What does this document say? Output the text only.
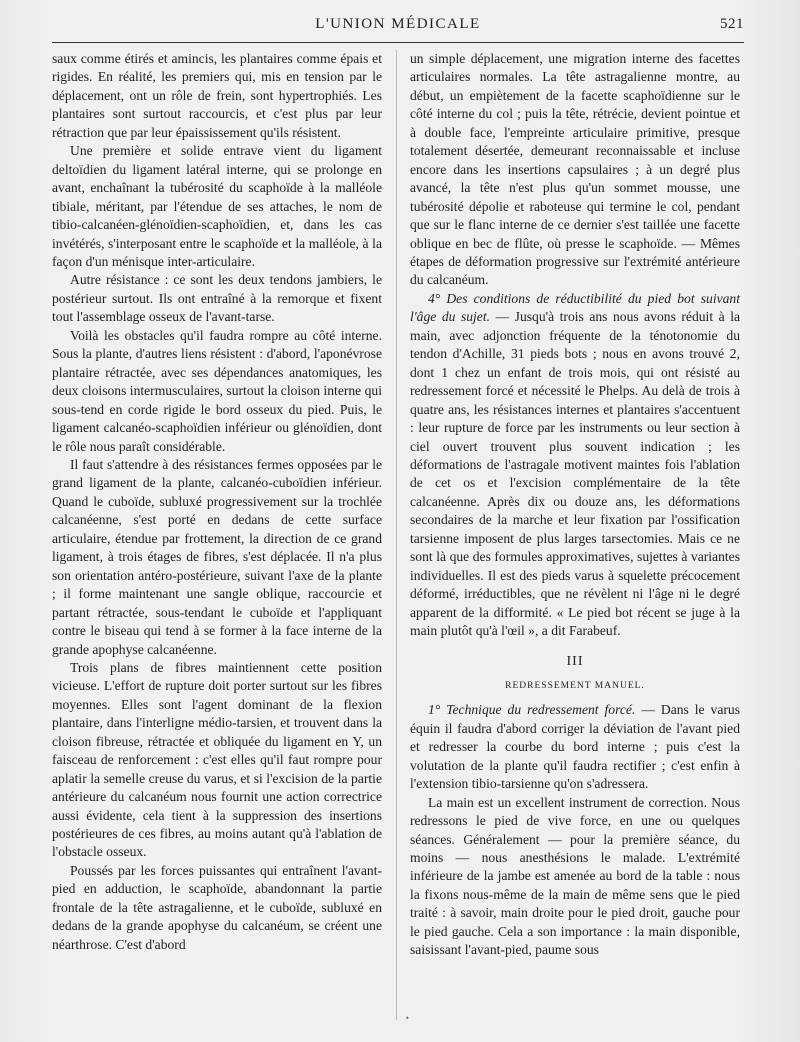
L'UNION MÉDICALE	521

saux comme étirés et amincis, les plantaires comme épais et rigides. En réalité, les premiers qui, mis en tension par le déplacement, ont un rôle de frein, sont hypertrophiés. Les plantaires sont surtout raccourcis, et c'est plus par leur rétraction que par leur épaississement qu'ils résistent.

Une première et solide entrave vient du ligament deltoïdien du ligament latéral interne, qui se prolonge en avant, enchaînant la tubérosité du scaphoïde à la malléole tibiale, méritant, par l'étendue de ses attaches, le nom de tibio-calcanéen-glénoïdien-scaphoïdien, et, dans les cas invétérés, s'interposant entre le scaphoïde et la malléole, à la façon d'un ménisque inter-articulaire.

Autre résistance : ce sont les deux tendons jambiers, le postérieur surtout. Ils ont entraîné à la remorque et fixent tout l'assemblage osseux de l'avant-tarse.

Voilà les obstacles qu'il faudra rompre au côté interne. Sous la plante, d'autres liens résistent : d'abord, l'aponévrose plantaire rétractée, avec ses dépendances anatomiques, les deux cloisons intermusculaires, surtout la cloison interne qui sous-tend en corde rigide le bord osseux du pied. Puis, le ligament calcanéo-scaphoïdien inférieur ou glénoïdien, dont le rôle nous paraît considérable.

Il faut s'attendre à des résistances fermes opposées par le grand ligament de la plante, calcanéo-cuboïdien inférieur. Quand le cuboïde, subluxé progressivement sur la trochlée calcanéenne, s'est porté en dedans de cette surface articulaire, étendue par frottement, la direction de ce grand ligament, à trois étages de fibres, s'est déplacée. Il n'a plus son orientation antéro-postérieure, suivant l'axe de la plante ; il forme maintenant une sangle oblique, raccourcie et partant rétractée, sous-tendant le cuboïde et l'appliquant contre le biseau qui tend à se former à la face interne de la grande apophyse calcanéenne.

Trois plans de fibres maintiennent cette position vicieuse. L'effort de rupture doit porter surtout sur les fibres moyennes. Elles sont l'agent dominant de la flexion plantaire, dans l'interligne médio-tarsien, et trouvent dans la cloison fibreuse, rétractée et obliquée du ligament en Y, un faisceau de renforcement : c'est elles qu'il faut rompre pour aplatir la semelle creuse du varus, et si l'excision de la partie antérieure du calcanéum nous fournit une action correctrice aussi évidente, cela tient à la suppression des insertions postérieures de ces fibres, au moins autant qu'à l'ablation de l'obstacle osseux.

Poussés par les forces puissantes qui entraînent l'avant-pied en adduction, le scaphoïde, abandonnant la partie frontale de la tête astragalienne, et le cuboïde, subluxé en dedans de la grande apophyse du calcanéum, se créent une néarthrose. C'est d'abord

un simple déplacement, une migration interne des facettes articulaires normales. La tête astragalienne montre, au début, un empiètement de la facette scaphoïdienne sur le côté interne du col ; puis la tête, rétrécie, devient pointue et à double face, l'empreinte articulaire primitive, presque totalement désertée, demeurant reconnaissable et incluse encore dans les insertions capsulaires ; à un degré plus avancé, la tête n'est plus qu'un sommet mousse, une tubérosité dépolie et raboteuse qui termine le col, pendant que sur le flanc interne de ce dernier s'est taillée une facette oblique en bec de flûte, où presse le scaphoïde. — Mêmes étapes de déformation progressive sur l'extrémité antérieure du calcanéum.

4° Des conditions de réductibilité du pied bot suivant l'âge du sujet. — Jusqu'à trois ans nous avons réduit à la main, avec adjonction fréquente de la ténotonomie du tendon d'Achille, 31 pieds bots ; nous en avons trouvé 2, dont 1 chez un enfant de trois mois, qui ont résisté au redressement forcé et nécessité le Phelps. Au delà de trois à quatre ans, les résistances internes et plantaires s'accentuent : leur rupture de force par les instruments ou leur section à ciel ouvert trouvent plus souvent indication ; les déformations de l'astragale motivent maintes fois l'ablation de cet os et l'excision complémentaire de la tête calcanéenne. Après dix ou douze ans, les déformations secondaires de la marche et leur fixation par l'ossification tarsienne imposent de plus larges tarsectomies. Mais ce ne sont là que des formules approximatives, sujettes à variantes individuelles. Il est des pieds varus à squelette précocement déformé, irréductibles, que ne révèlent ni l'âge ni le degré apparent de la difformité. « Le pied bot récent se juge à la main plutôt qu'à l'œil », a dit Farabeuf.

III
REDRESSEMENT MANUEL.

1° Technique du redressement forcé. — Dans le varus équin il faudra d'abord corriger la déviation de l'avant pied et redresser la courbe du bord interne ; puis c'est la volutation de la plante qu'il faudra rectifier ; c'est enfin à l'extension tibio-tarsienne qu'on s'adressera.

La main est un excellent instrument de correction. Nous redressons le pied de vive force, en une ou quelques séances. Généralement — pour la première séance, du moins — nous anesthésions le malade. L'extrémité inférieure de la jambe est amenée au bord de la table : nous la fixons nous-même de la main de même sens que le pied traité : à savoir, main droite pour le pied droit, gauche pour le pied gauche. Cela a son importance : la main disponible, saisissant l'avant-pied, paume sous

•
